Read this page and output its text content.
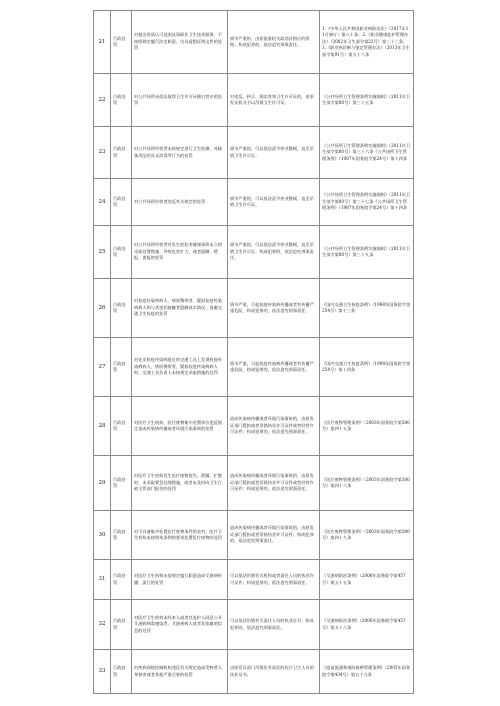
21	行政处罚	对超出资质认可范围从事职业卫生技术服务、不按照规定履行法定职责，出具虚假证明文件的处罚	情节严重的，由原批准机关取消其相应的资格；构成犯罪的，依法追究刑事责任。	1.《中华人民共和国职业病防治法》（2017年11月修订）第八十条；2.《职业健康监护管理办法》（2002年卫生部令第23号）第三十三条；3.《职业病诊断与鉴定管理办法》（2013年卫生部令第91号）第五十六条
22	行政处罚	对公共场所未依法取得卫生许可证擅自营业的处罚	对违反、转让、倒卖有效卫生许可证的，由原发证机关予以吊销卫生许可证。	《公共场所卫生管理条例实施细则》（2011年卫生部令第80号）第三十五条
23	行政处罚	对公共场所经营者未按规定进行卫生检测、对顾客用品用具未消毒等行为的处罚	情节严重的，可以依法责令停业整顿，直至吊销卫生许可证。	《公共场所卫生管理条例实施细则》（2011年卫生部令第80号）第三十六条《公共场所卫生管理条例》（1987年国务院令第24号）第十四条
24	行政处罚	对公共场所经营者违反有关规定的处罚	情节严重的，可以依法责令停业整顿，直至吊销卫生许可证。	《公共场所卫生管理条例实施细则》（2011年卫生部令第80号）第三十七条《公共场所卫生管理条例》（1987年国务院令第24号）第十四条
25	行政处罚	对公共场所经营者对发生的危害健康事故未立即采取处置措施、导致危害扩大，或者隐瞒、缓报、谎报的处罚	情节严重的，可以依法责令停业整顿，直至吊销卫生许可证。构成犯罪的，依法追究刑事责任。	《公共场所卫生管理条例实施细则》（2011年卫生部令第80号）第三十九条
26	行政处罚	对检疫传染病病人、病原携带者、疑似检疫传染病病人和与其密切接触者隐瞒真实情况、逃避交通卫生检疫的处罚	情节严重，引起检疫传染病传播或者有传播严重危险，构成犯罪的，依法追究刑事责任。	《国内交通卫生检疫条例》（1998年国务院令第254号）第十三条
27	行政处罚	对在非检疫传染病疫区的交通工具上发现检疫传染病病人、病原携带者、疑似检疫传染病病人时，交通工具负责人未按规定采取措施的处罚	情节严重，引起检疫传染病传播或者有传播严重危险，构成犯罪的，依法追究刑事责任。	《国内交通卫生检疫条例》（1998年国务院令第254号）第十四条
28	行政处罚	对医疗卫生机构、医疗废物集中处置单位违反规定造成传染病传播或者环境污染事故的处罚	造成传染病传播或者环境污染事故的，由原发证部门暂扣或者吊销执业许可证件或者经营许可证件；构成犯罪的，依法追究刑事责任。	《医疗废物管理条例》（2003年国务院令第380号）第四十五条
29	行政处罚	对医疗卫生机构发生医疗废物流失、泄漏、扩散时，未采取紧急处理措施，或者未及时向卫生行政主管部门报告的处罚	造成传染病传播或者环境污染事故的，由原发证部门暂扣或者吊销执业许可证件或者经营许可证件；构成犯罪的，依法追究刑事责任。	《医疗废物管理条例》（2003年国务院令第380号）第四十六条
30	行政处罚	对不具备集中处置医疗废物条件的农村，医疗卫生机构未按照本条例的要求处置医疗废物的处罚	造成传染病传播或者环境污染事故的，由原发证部门暂扣或者吊销执业许可证件；构成犯罪的，依法追究刑事责任。	《医疗废物管理条例》（2003年国务院令第380号）第四十九条
31	行政处罚	对医疗卫生机构未依规定履行职责造成艾滋病传播、流行的处罚	可以依法吊销有关机构或者责任人员的执业许可证件；构成犯罪的，依法追究刑事责任。	《艾滋病防治条例》（2006年国务院令第457号）第五十五条
32	行政处罚	对医疗卫生机构未经本人或者其监护人同意公开艾滋病病毒感染者、艾滋病病人或者其家属的信息的处罚	可以依法吊销有关责任人员的执业证书；构成犯罪的，依法追究刑事责任。	《艾滋病防治条例》（2006年国务院令第457号）第五十六条
33	行政处罚	对疾病预防控制机构违反有关规定造成受种者人身损害或者其他严重后果的处罚	由原发证部门吊销负有责任的医疗卫生人员的执业证书。	《疫苗流通和预防接种管理条例》（2005年国务院令第434号）第五十九条
